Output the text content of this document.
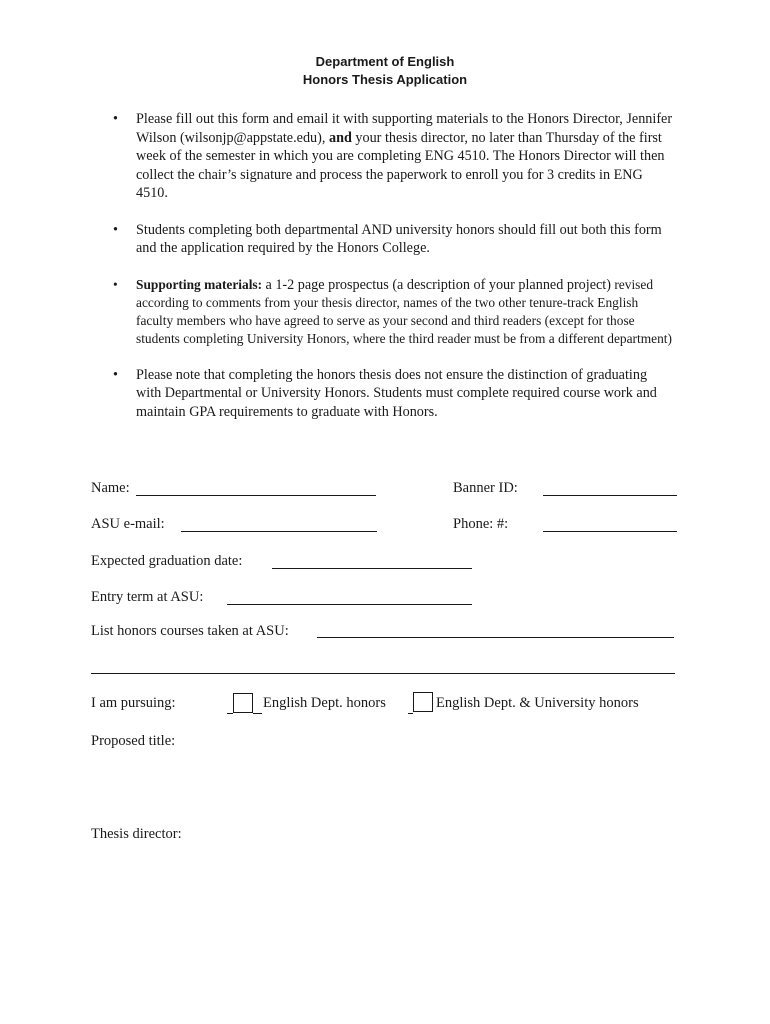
Department of English
Honors Thesis Application
• Please fill out this form and email it with supporting materials to the Honors Director, Jennifer Wilson (wilsonjp@appstate.edu), and your thesis director, no later than Thursday of the first week of the semester in which you are completing ENG 4510. The Honors Director will then collect the chair’s signature and process the paperwork to enroll you for 3 credits in ENG 4510.
• Students completing both departmental AND university honors should fill out both this form and the application required by the Honors College.
• Supporting materials: a 1-2 page prospectus (a description of your planned project) revised according to comments from your thesis director, names of the two other tenure-track English faculty members who have agreed to serve as your second and third readers (except for those students completing University Honors, where the third reader must be from a different department)
• Please note that completing the honors thesis does not ensure the distinction of graduating with Departmental or University Honors. Students must complete required course work and maintain GPA requirements to graduate with Honors.
Name:	Banner ID:
ASU e-mail:	Phone: #:
Expected graduation date:
Entry term at ASU:
List honors courses taken at ASU:
I am pursuing:	English Dept. honors	English Dept. & University honors
Proposed title:
Thesis director:
